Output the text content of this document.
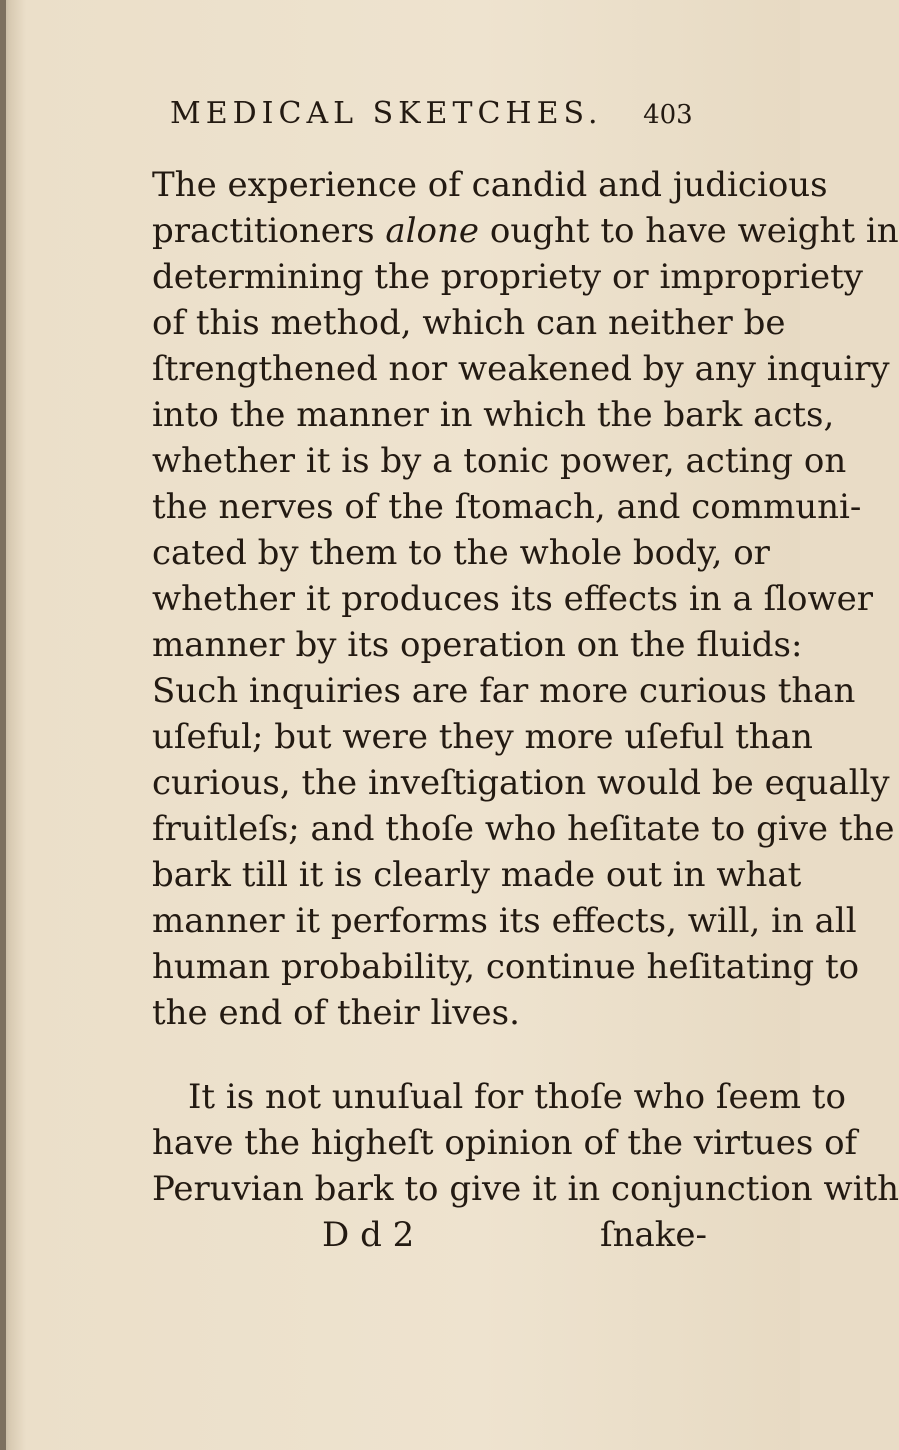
MEDICAL SKETCHES. 403
The experience of candid and judicious
practitioners alone ought to have weight in
determining the propriety or impropriety
of this method, which can neither be
ſtrengthened nor weakened by any inquiry
into the manner in which the bark acts,
whether it is by a tonic power, acting on
the nerves of the ſtomach, and communi-
cated by them to the whole body, or
whether it produces its effects in a ſlower
manner by its operation on the fluids:
Such inquiries are far more curious than
uſeful; but were they more uſeful than
curious, the inveſtigation would be equally
fruitleſs; and thoſe who heſitate to give the
bark till it is clearly made out in what
manner it performs its effects, will, in all
human probability, continue heſitating to
the end of their lives.
It is not unuſual for thoſe who ſeem to
have the higheſt opinion of the virtues of
Peruvian bark to give it in conjunction with
D d 2	ſnake-
